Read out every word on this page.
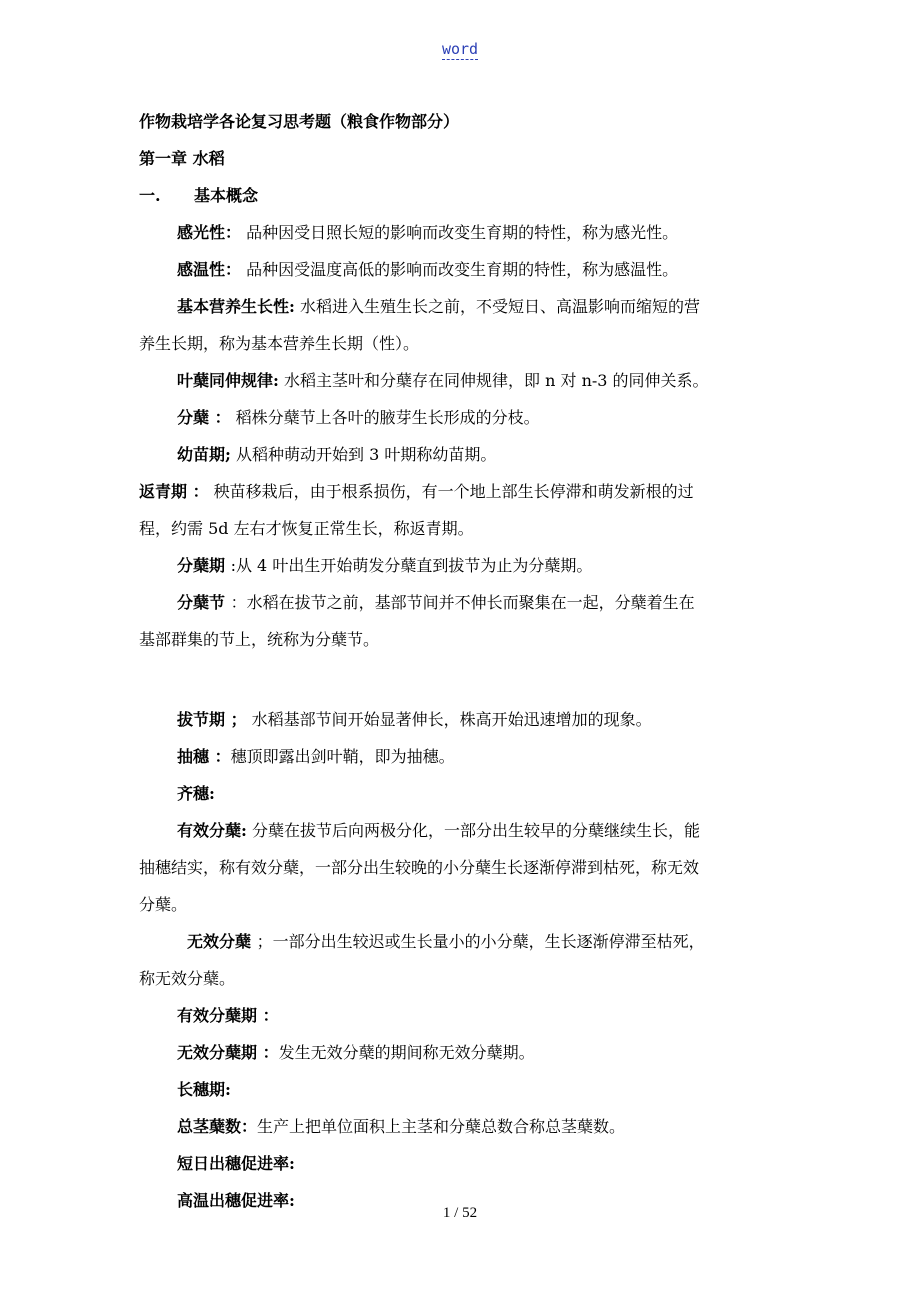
word

作物栽培学各论复习思考题（粮食作物部分）

第一章 水稻

一.      基本概念

感光性： 品种因受日照长短的影响而改变生育期的特性，称为感光性。

感温性： 品种因受温度高低的影响而改变生育期的特性，称为感温性。

基本营养生长性: 水稻进入生殖生长之前，不受短日、高温影响而缩短的营

养生长期，称为基本营养生长期（性）。

叶蘖同伸规律: 水稻主茎叶和分蘖存在同伸规律，即 n 对 n-3 的同伸关系。

分蘖 ： 稻株分蘖节上各叶的腋芽生长形成的分枝。

幼苗期; 从稻种萌动开始到 3 叶期称幼苗期。

返青期 ： 秧苗移栽后，由于根系损伤，有一个地上部生长停滞和萌发新根的过

程，约需 5d 左右才恢复正常生长，称返青期。

分蘖期 :从 4 叶出生开始萌发分蘖直到拔节为止为分蘖期。

分蘖节 ：水稻在拔节之前，基部节间并不伸长而聚集在一起，分蘖着生在

基部群集的节上，统称为分蘖节。

拔节期 ； 水稻基部节间开始显著伸长，株高开始迅速增加的现象。

抽穗 ：穗顶即露出剑叶鞘，即为抽穗。

齐穗:

有效分蘖: 分蘖在拔节后向两极分化，一部分出生较早的分蘖继续生长，能

抽穗结实，称有效分蘖，一部分出生较晚的小分蘖生长逐渐停滞到枯死，称无效

分蘖。

无效分蘖 ；一部分出生较迟或生长量小的小分蘖，生长逐渐停滞至枯死，

称无效分蘖。

有效分蘖期 ：

无效分蘖期 ：发生无效分蘖的期间称无效分蘖期。

长穗期:

总茎蘖数：生产上把单位面积上主茎和分蘖总数合称总茎蘖数。

短日出穗促进率:

高温出穗促进率:

1 / 52
